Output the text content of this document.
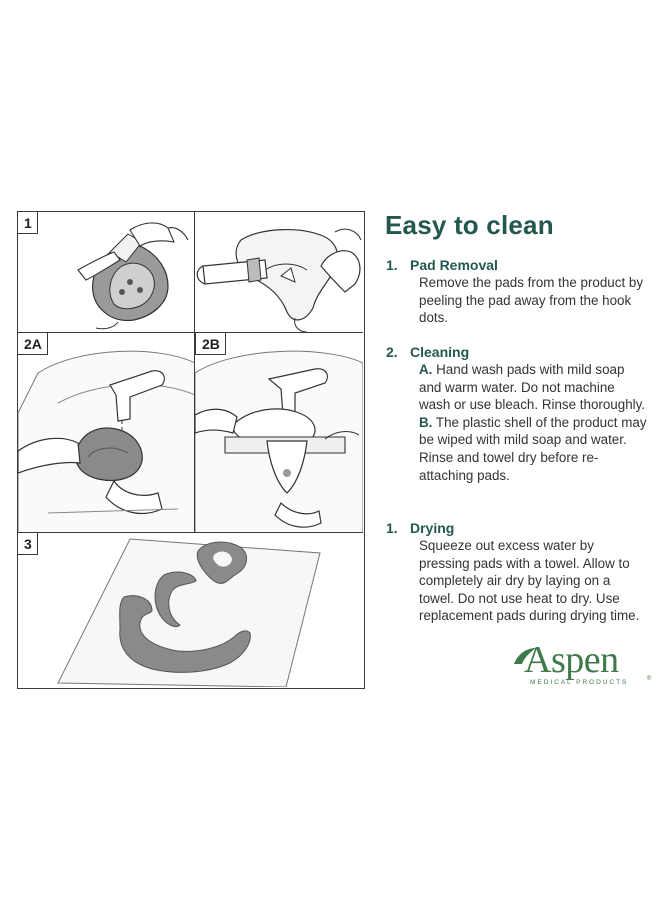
1
2A	2B
3
Easy to clean
1. Pad Removal

Remove the pads from the product by peeling the pad away from the hook dots.

2. Cleaning

A. Hand wash pads with mild soap and warm water. Do not machine wash or use bleach. Rinse thoroughly.

B. The plastic shell of the product may be wiped with mild soap and water. Rinse and towel dry before re-attaching pads.

1. Drying

Squeeze out excess water by pressing pads with a towel. Allow to completely air dry by laying on a towel. Do not use heat to dry. Use replacement pads during drying time.

Aspen
MEDICAL PRODUCTS	®
